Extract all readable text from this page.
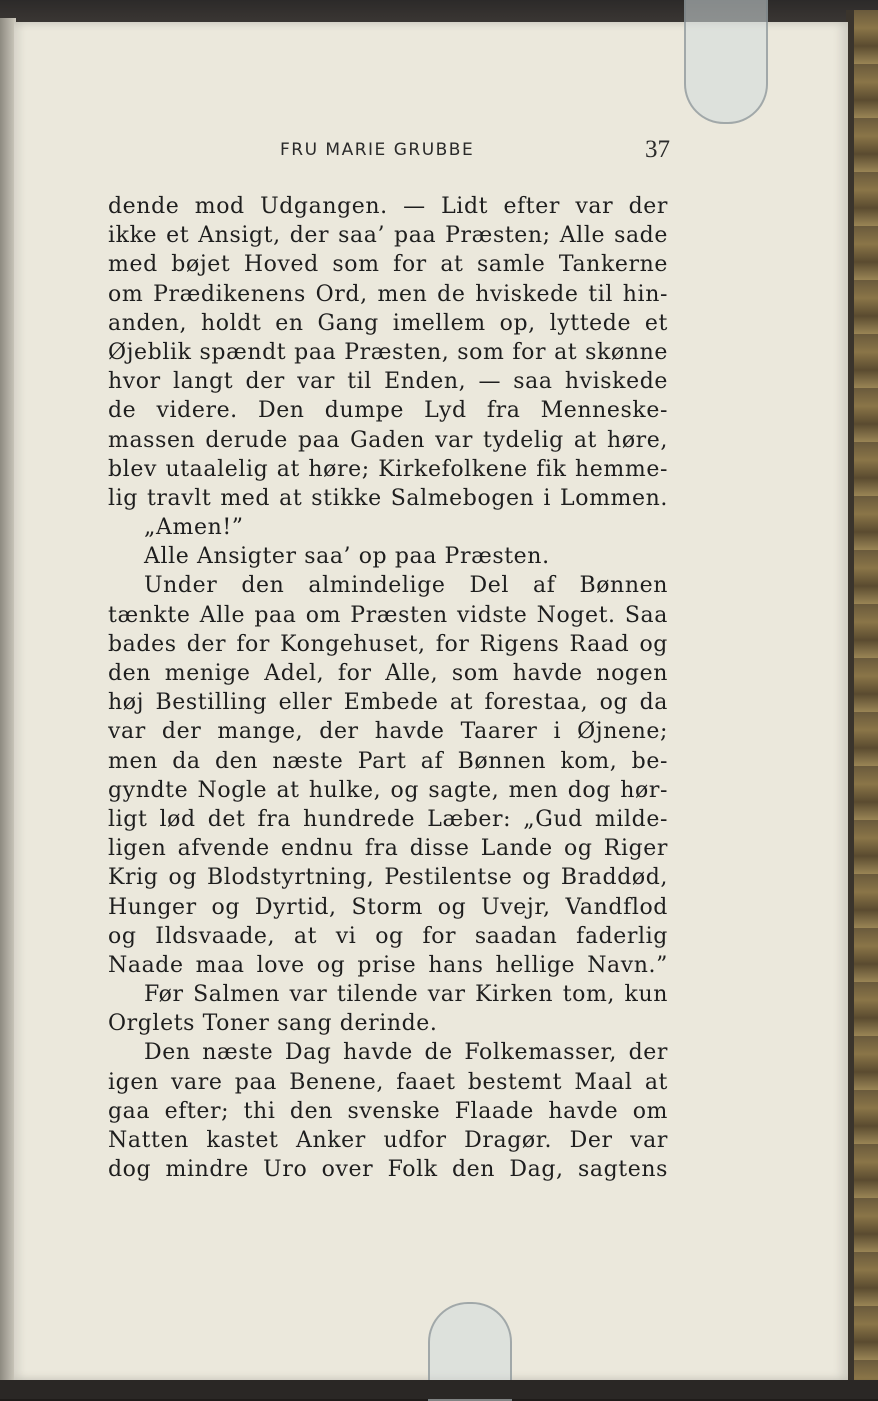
FRU MARIE GRUBBE	37
dende mod Udgangen. — Lidt efter var der
ikke et Ansigt, der saa’ paa Præsten; Alle sade
med bøjet Hoved som for at samle Tankerne
om Prædikenens Ord, men de hviskede til hin-
anden, holdt en Gang imellem op, lyttede et
Øjeblik spændt paa Præsten, som for at skønne
hvor langt der var til Enden, — saa hviskede
de videre. Den dumpe Lyd fra Menneske-
massen derude paa Gaden var tydelig at høre,
blev utaalelig at høre; Kirkefolkene fik hemme-
lig travlt med at stikke Salmebogen i Lommen.
„Amen!”
Alle Ansigter saa’ op paa Præsten.
Under den almindelige Del af Bønnen
tænkte Alle paa om Præsten vidste Noget. Saa
bades der for Kongehuset, for Rigens Raad og
den menige Adel, for Alle, som havde nogen
høj Bestilling eller Embede at forestaa, og da
var der mange, der havde Taarer i Øjnene;
men da den næste Part af Bønnen kom, be-
gyndte Nogle at hulke, og sagte, men dog hør-
ligt lød det fra hundrede Læber: „Gud milde-
ligen afvende endnu fra disse Lande og Riger
Krig og Blodstyrtning, Pestilentse og Braddød,
Hunger og Dyrtid, Storm og Uvejr, Vandflod
og Ildsvaade, at vi og for saadan faderlig
Naade maa love og prise hans hellige Navn.”
Før Salmen var tilende var Kirken tom, kun
Orglets Toner sang derinde.
Den næste Dag havde de Folkemasser, der
igen vare paa Benene, faaet bestemt Maal at
gaa efter; thi den svenske Flaade havde om
Natten kastet Anker udfor Dragør. Der var
dog mindre Uro over Folk den Dag, sagtens
